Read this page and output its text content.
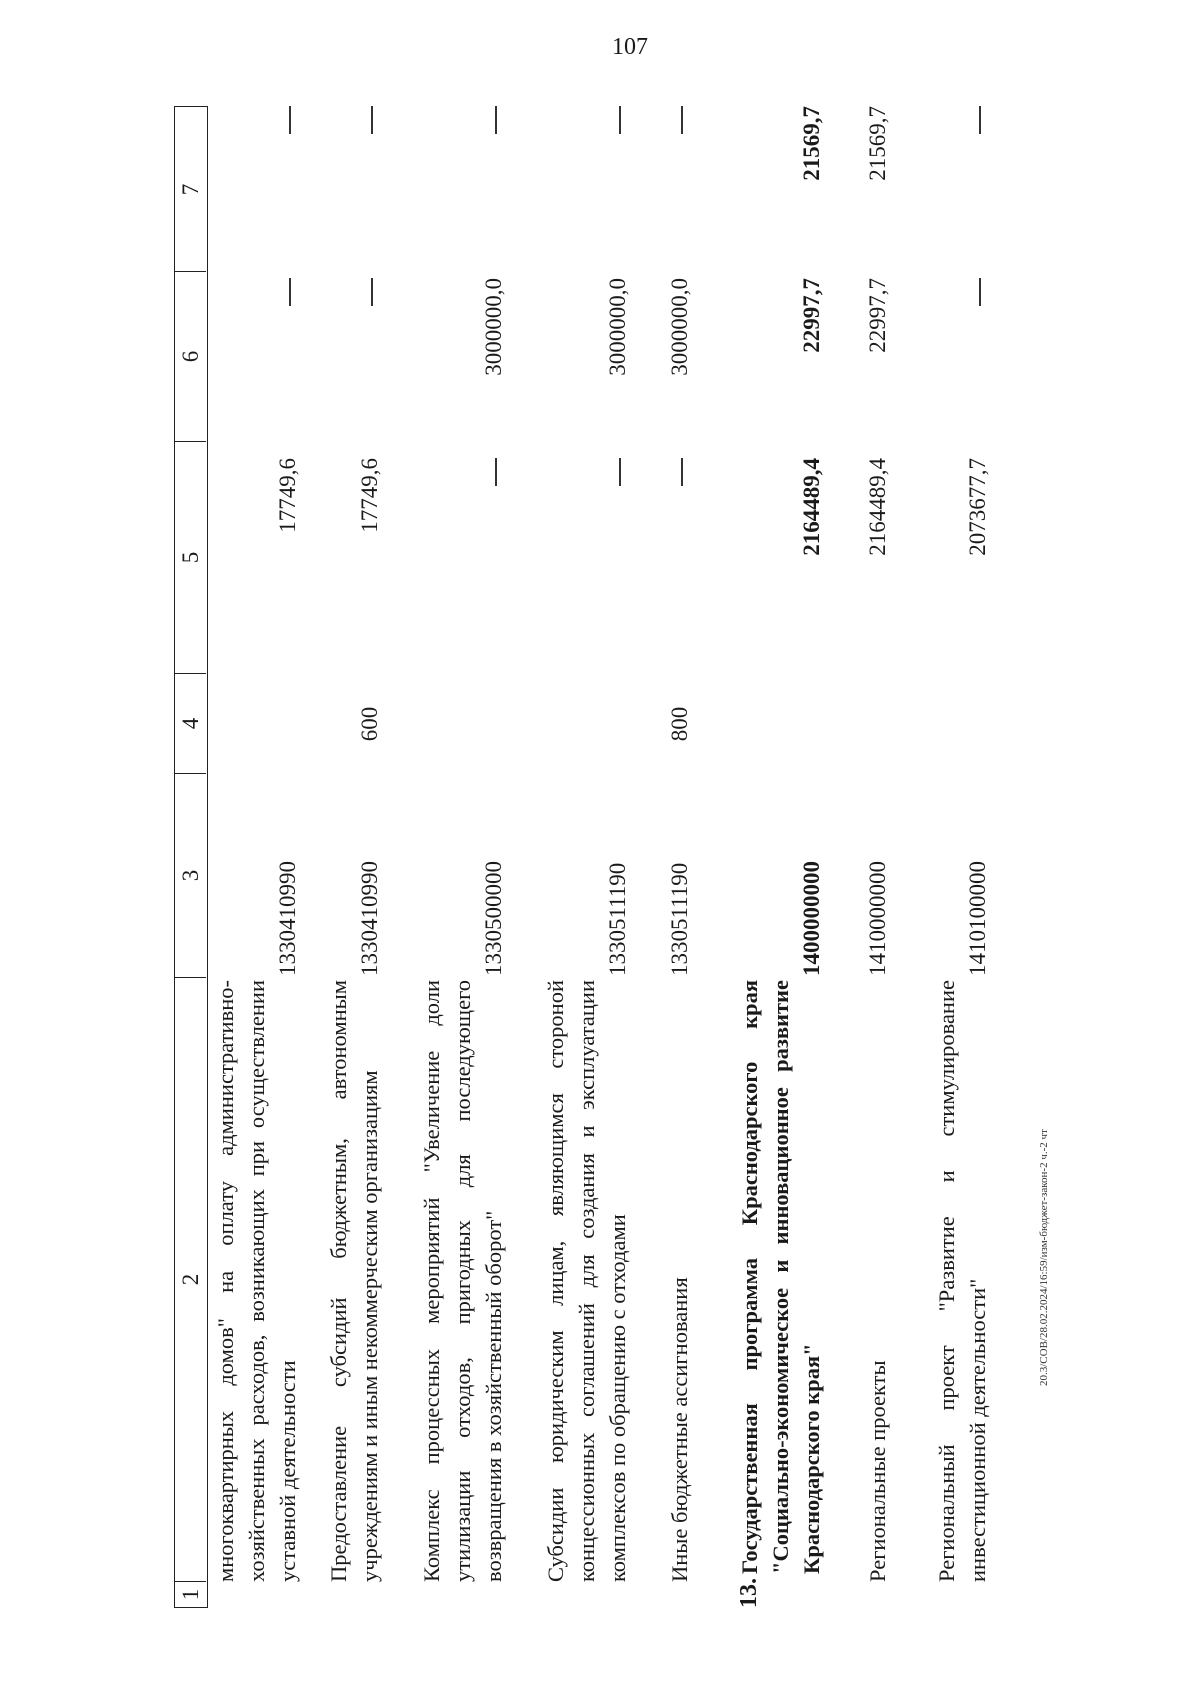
107
1
2
3
4
5
6
7
многоквартирных домов" на оплату административно-хозяйственных расходов, возникающих при осуществлении уставной деятельности
1330410990
17749,6
Предоставление субсидий бюджетным, автономным учреждениям и иным некоммерческим организациям
1330410990
600
17749,6
Комплекс процессных мероприятий "Увеличение доли утилизации отходов, пригодных для последующего возвращения в хозяйственный оборот"
1330500000
3000000,0
Субсидии юридическим лицам, являющимся стороной концессионных соглашений для создания и эксплуатации комплексов по обращению с отходами
1330511190
3000000,0
Иные бюджетные ассигнования
1330511190
800
3000000,0
13.
Государственная программа Краснодарского края "Социально-экономическое и инновационное развитие Краснодарского края"
1400000000
2164489,4
22997,7
21569,7
Региональные проекты
1410000000
2164489,4
22997,7
21569,7
Региональный проект "Развитие и стимулирование инвестиционной деятельности"
1410100000
2073677,7
20.3/СОВ/28.02.2024/16:59/изм-бюджет-закон-2 ч.-2 чт
